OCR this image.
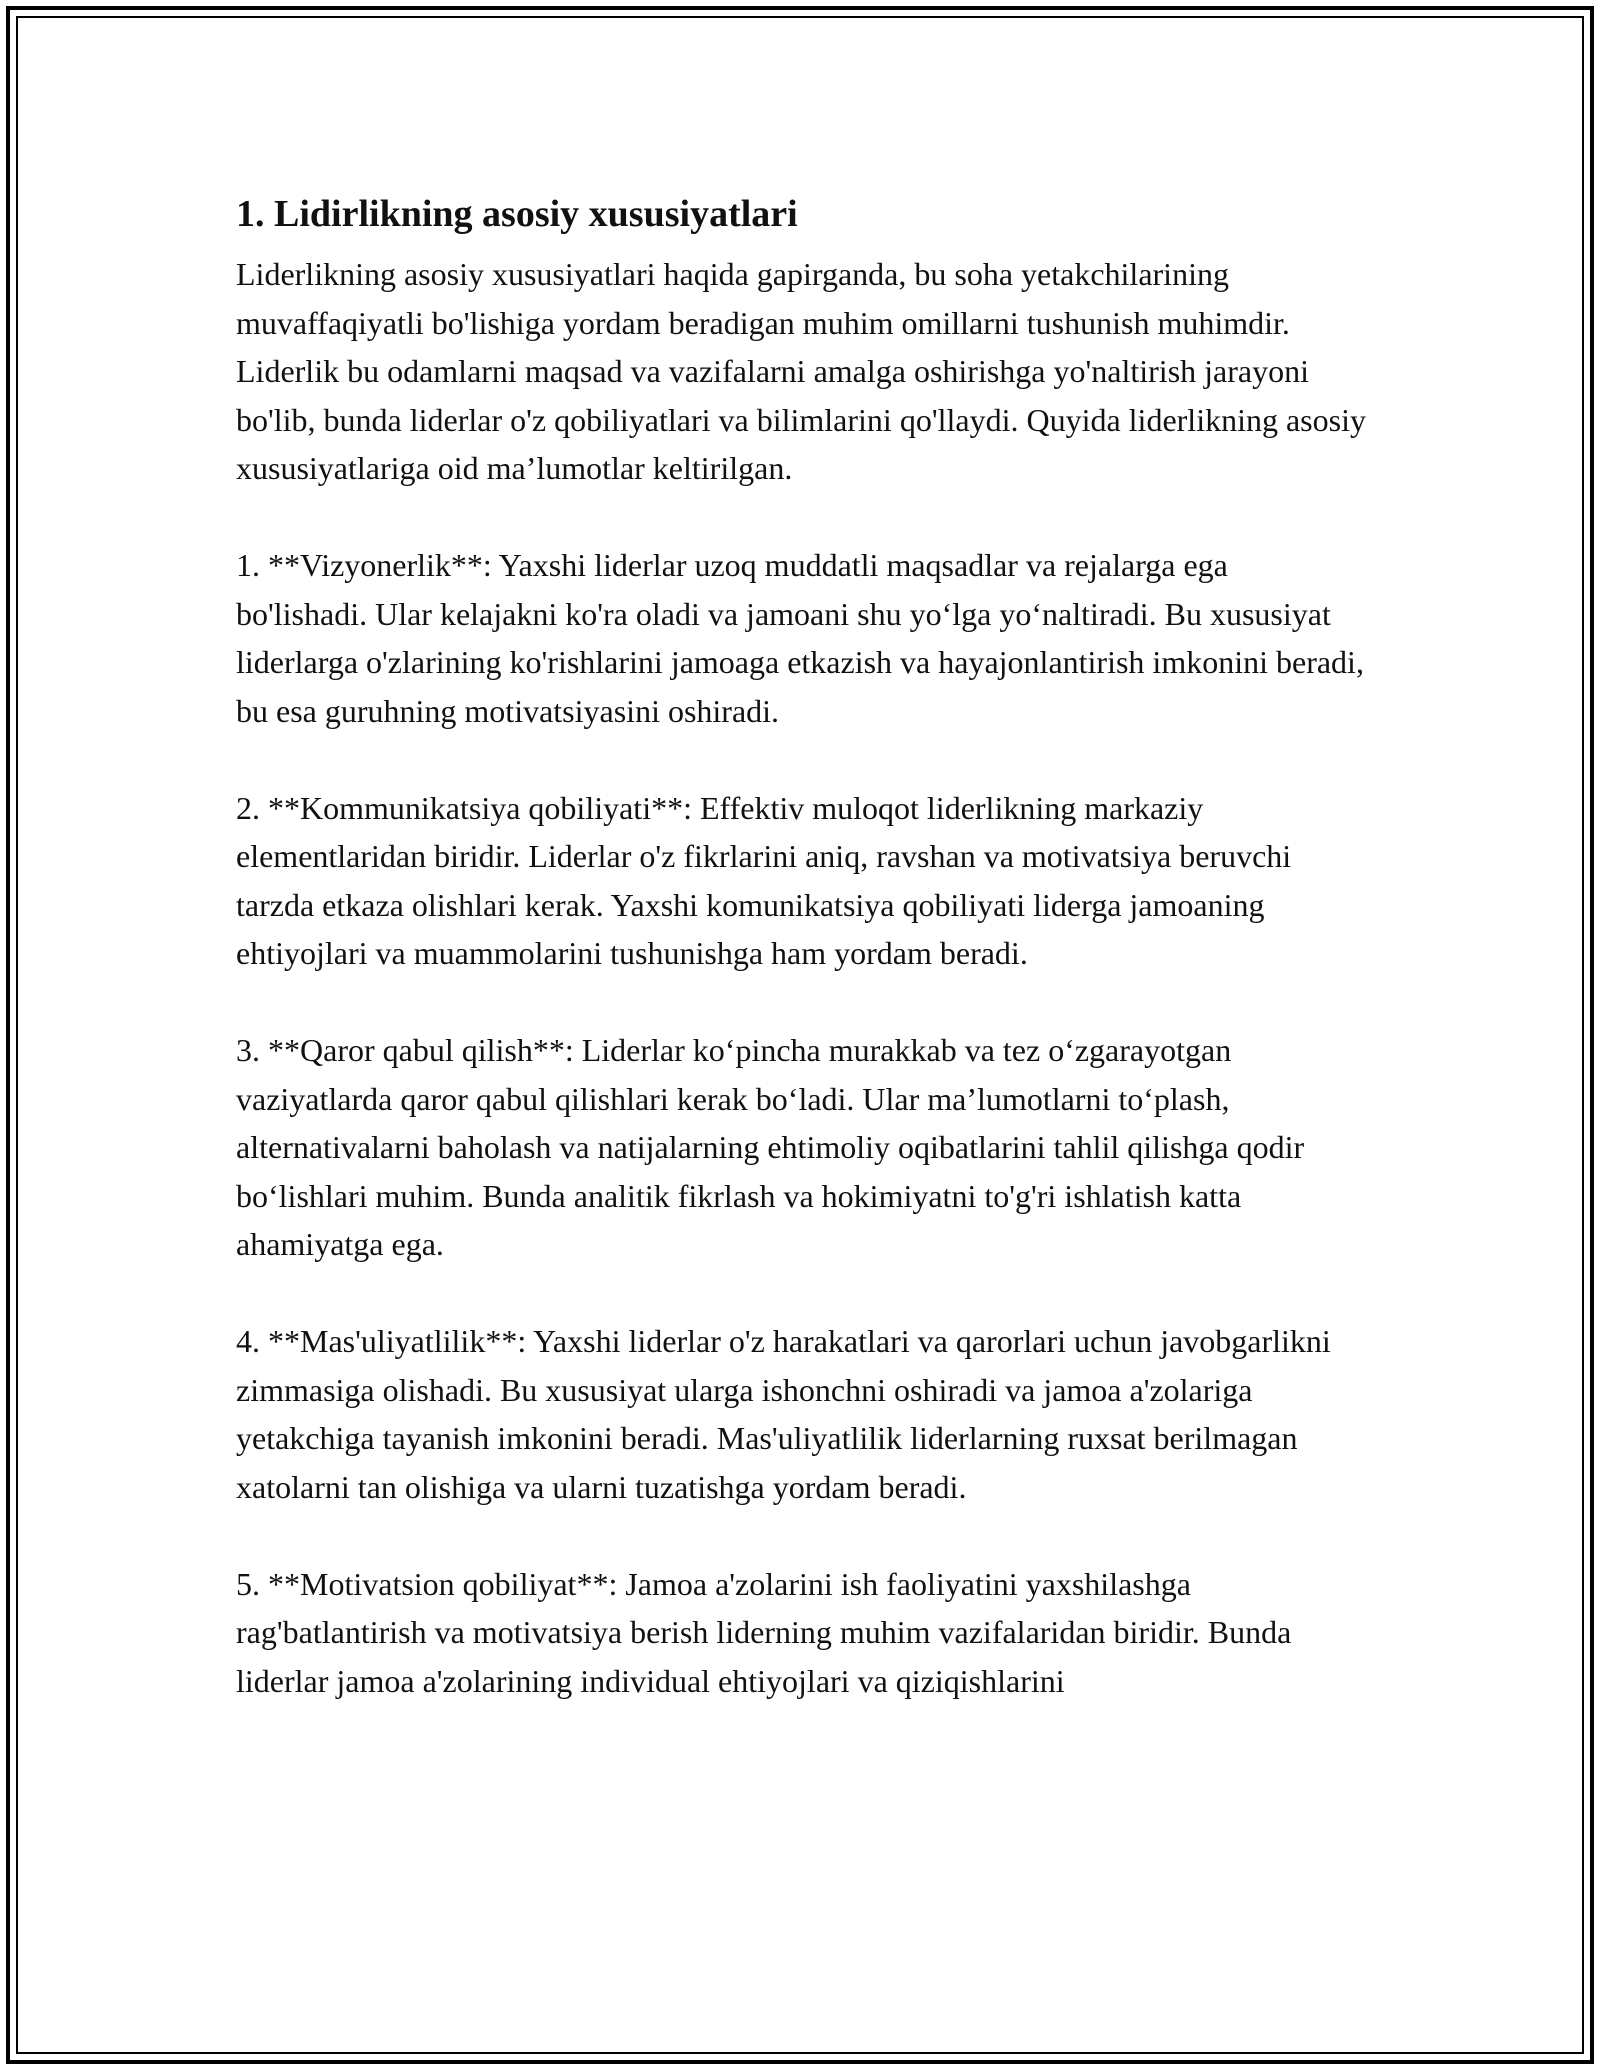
1. Lidirlikning asosiy xususiyatlari

Liderlikning asosiy xususiyatlari haqida gapirganda, bu soha yetakchilarining muvaffaqiyatli bo'lishiga yordam beradigan muhim omillarni tushunish muhimdir. Liderlik bu odamlarni maqsad va vazifalarni amalga oshirishga yo'naltirish jarayoni bo'lib, bunda liderlar o'z qobiliyatlari va bilimlarini qo'llaydi. Quyida liderlikning asosiy xususiyatlariga oid ma’lumotlar keltirilgan.

1. **Vizyonerlik**: Yaxshi liderlar uzoq muddatli maqsadlar va rejalarga ega bo'lishadi. Ular kelajakni ko'ra oladi va jamoani shu yo‘lga yo‘naltiradi. Bu xususiyat liderlarga o'zlarining ko'rishlarini jamoaga etkazish va hayajonlantirish imkonini beradi, bu esa guruhning motivatsiyasini oshiradi.

2. **Kommunikatsiya qobiliyati**: Effektiv muloqot liderlikning markaziy elementlaridan biridir. Liderlar o'z fikrlarini aniq, ravshan va motivatsiya beruvchi tarzda etkaza olishlari kerak. Yaxshi komunikatsiya qobiliyati liderga jamoaning ehtiyojlari va muammolarini tushunishga ham yordam beradi.

3. **Qaror qabul qilish**: Liderlar ko‘pincha murakkab va tez o‘zgarayotgan vaziyatlarda qaror qabul qilishlari kerak bo‘ladi. Ular ma’lumotlarni to‘plash, alternativalarni baholash va natijalarning ehtimoliy oqibatlarini tahlil qilishga qodir bo‘lishlari muhim. Bunda analitik fikrlash va hokimiyatni to'g'ri ishlatish katta ahamiyatga ega.

4. **Mas'uliyatlilik**: Yaxshi liderlar o'z harakatlari va qarorlari uchun javobgarlikni zimmasiga olishadi. Bu xususiyat ularga ishonchni oshiradi va jamoa a'zolariga yetakchiga tayanish imkonini beradi. Mas'uliyatlilik liderlarning ruxsat berilmagan xatolarni tan olishiga va ularni tuzatishga yordam beradi.

5. **Motivatsion qobiliyat**: Jamoa a'zolarini ish faoliyatini yaxshilashga rag'batlantirish va motivatsiya berish liderning muhim vazifalaridan biridir. Bunda liderlar jamoa a'zolarining individual ehtiyojlari va qiziqishlarini
